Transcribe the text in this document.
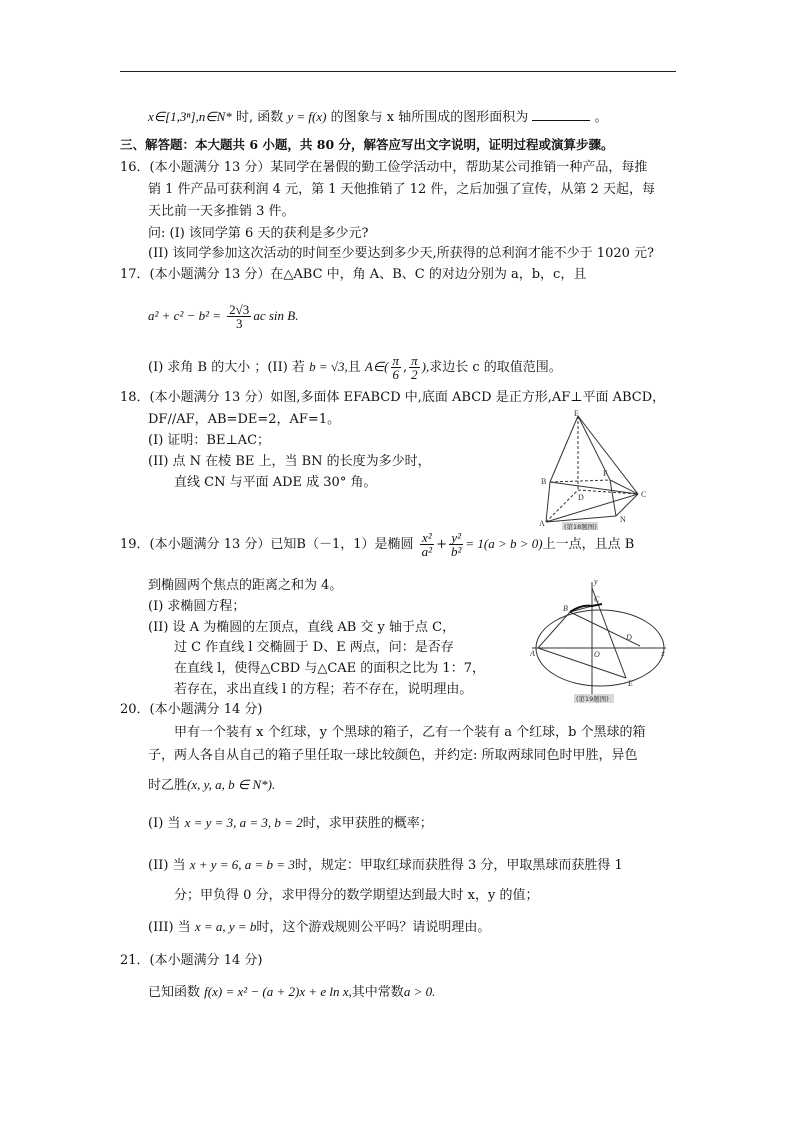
x∈[1,3ⁿ],n∈N* 时, 函数 y = f(x) 的图象与 x 轴所围成的图形面积为	。
三、解答题：本大题共 6 小题，共 80 分，解答应写出文字说明，证明过程或演算步骤。
16．(本小题满分 13 分）某同学在暑假的勤工俭学活动中，帮助某公司推销一种产品，每推
销 1 件产品可获利润 4 元，第 1 天他推销了 12 件，之后加强了宣传，从第 2 天起，每
天比前一天多推销 3 件。
问: (I) 该同学第 6 天的获利是多少元?
(II) 该同学参加这次活动的时间至少要达到多少天,所获得的总利润才能不少于 1020 元?
17．(本小题满分 13 分）在△ABC 中，角 A、B、C 的对边分别为 a，b，c，且
$a^2 + c^2 - b^2 = \frac{2√3}{3}$ ac sin B.
(I) 求角 B 的大小 ；(II) 若 b = √3,且 A∈( $\frac{\pi}{6}$ , $\frac{\pi}{2}$ ),求边长 c 的取值范围。
18．(本小题满分 13 分）如图,多面体 EFABCD 中,底面 ABCD 是正方形,AF⊥平面 ABCD，
DF//AF，AB=DE=2，AF=1。
(I) 证明：BE⊥AC；
(II) 点 N 在棱 BE 上，当 BN 的长度为多少时，
直线 CN 与平面 ADE 成 30° 角。
E
F
A
B
C
D
N
(第18题图)
19．(本小题满分 13 分）已知B（－1，1）是椭圆 $\frac{\text{x²}}{\text{a²}} + \frac{\text{y²}}{\text{b²}} = 1(a > b > 0)$上一点，且点 B
到椭圆两个焦点的距离之和为 4。
(I) 求椭圆方程；
(II) 设 A 为椭圆的左顶点，直线 AB 交 y 轴于点 C，
过 C 作直线 l 交椭圆于 D、E 两点，问：是否存
在直线 l，使得△CBD 与△CAE 的面积之比为 1：7，
若存在，求出直线 l 的方程；若不存在，说明理由。
y
x
A
B
C
D
E
O
(第19题图)
20．(本小题满分 14 分)
甲有一个装有 x 个红球，y 个黑球的箱子，乙有一个装有 a 个红球，b 个黑球的箱
子，两人各自从自己的箱子里任取一球比较颜色，并约定: 所取两球同色时甲胜，异色
时乙胜(x, y, a, b ∈ N*).
(I) 当 x = y = 3, a = 3, b = 2时，求甲获胜的概率；
(II) 当 x + y = 6, a = b = 3时，规定：甲取红球而获胜得 3 分，甲取黑球而获胜得 1
分；甲负得 0 分，求甲得分的数学期望达到最大时 x，y 的值；
(III) 当 x = a, y = b时，这个游戏规则公平吗？请说明理由。
21．(本小题满分 14 分)
已知函数 f(x) = x² − (a + 2)x + e ln x,其中常数a > 0.
